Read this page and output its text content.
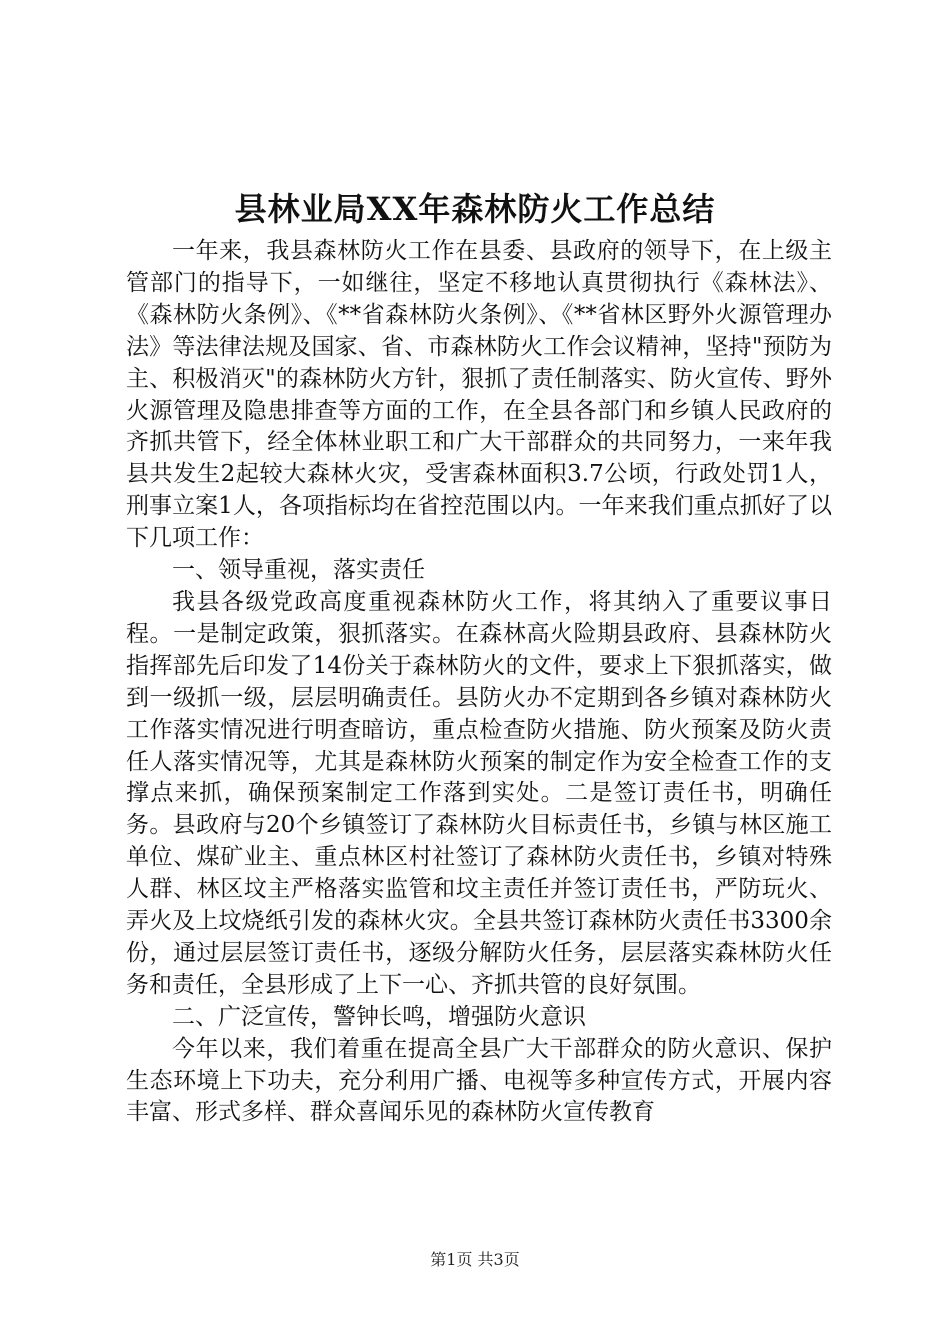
县林业局XX年森林防火工作总结

一年来，我县森林防火工作在县委、县政府的领导下，在上级主管部门的指导下，一如继往，坚定不移地认真贯彻执行《森林法》、《森林防火条例》、《**省森林防火条例》、《**省林区野外火源管理办法》等法律法规及国家、省、市森林防火工作会议精神，坚持"预防为主、积极消灭"的森林防火方针，狠抓了责任制落实、防火宣传、野外火源管理及隐患排查等方面的工作，在全县各部门和乡镇人民政府的齐抓共管下，经全体林业职工和广大干部群众的共同努力，一来年我县共发生2起较大森林火灾，受害森林面积3.7公顷，行政处罚1人，刑事立案1人，各项指标均在省控范围以内。一年来我们重点抓好了以下几项工作：

一、领导重视，落实责任

我县各级党政高度重视森林防火工作，将其纳入了重要议事日程。一是制定政策，狠抓落实。在森林高火险期县政府、县森林防火指挥部先后印发了14份关于森林防火的文件，要求上下狠抓落实，做到一级抓一级，层层明确责任。县防火办不定期到各乡镇对森林防火工作落实情况进行明查暗访，重点检查防火措施、防火预案及防火责任人落实情况等，尤其是森林防火预案的制定作为安全检查工作的支撑点来抓，确保预案制定工作落到实处。二是签订责任书，明确任务。县政府与20个乡镇签订了森林防火目标责任书，乡镇与林区施工单位、煤矿业主、重点林区村社签订了森林防火责任书，乡镇对特殊人群、林区坟主严格落实监管和坟主责任并签订责任书，严防玩火、弄火及上坟烧纸引发的森林火灾。全县共签订森林防火责任书3300余份，通过层层签订责任书，逐级分解防火任务，层层落实森林防火任务和责任，全县形成了上下一心、齐抓共管的良好氛围。

二、广泛宣传，警钟长鸣，增强防火意识

今年以来，我们着重在提高全县广大干部群众的防火意识、保护生态环境上下功夫，充分利用广播、电视等多种宣传方式，开展内容丰富、形式多样、群众喜闻乐见的森林防火宣传教育

第1页 共3页
